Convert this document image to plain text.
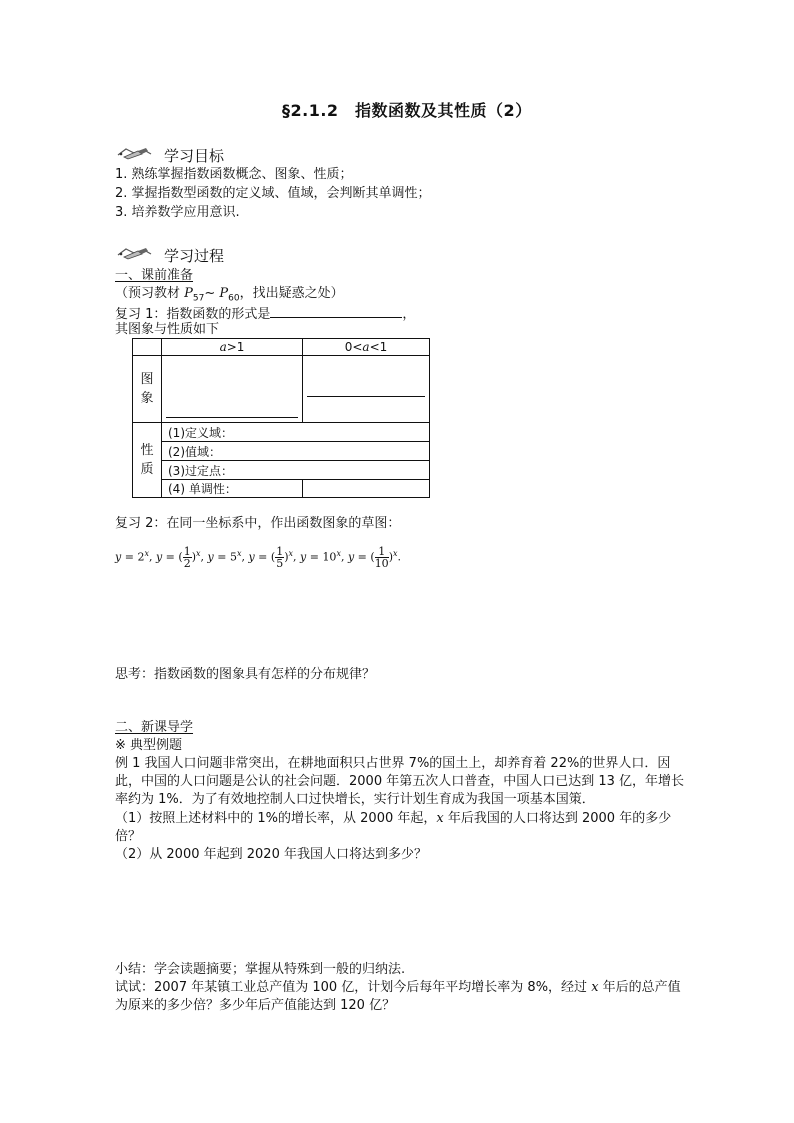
§2.1.2　指数函数及其性质（2）
学习目标
1. 熟练掌握指数函数概念、图象、性质；
2. 掌握指数型函数的定义域、值域，会判断其单调性；
3. 培养数学应用意识.
学习过程
一、课前准备
（预习教材 $P_{57}\sim$ $P_{60}$，找出疑惑之处）
复习 1：指数函数的形式是	，
其图象与性质如下
	a>1	0<a<1

图象		

性质	(1)定义域：	
	(2)值域：	
	(3)过定点：	
	(4) 单调性：	
复习 2：在同一坐标系中，作出函数图象的草图：
$y = 2^x$, y = ( $\frac{1}{2} )^x$, $y = 5^x$, y = ( $\frac{1}{5} )^x$, $y = 10^x$, y = ( $\frac{1}{10} )^x$.
思考：指数函数的图象具有怎样的分布规律？
二、新课导学
※ 典型例题
例 1 我国人口问题非常突出，在耕地面积只占世界 7%的国土上，却养育着 22%的世界人口．因此，中国的人口问题是公认的社会问题．2000 年第五次人口普查，中国人口已达到 13 亿，年增长率约为 1%．为了有效地控制人口过快增长，实行计划生育成为我国一项基本国策．
（1）按照上述材料中的 1%的增长率，从 2000 年起，x 年后我国的人口将达到 2000 年的多少倍？
（2）从 2000 年起到 2020 年我国人口将达到多少？
小结：学会读题摘要；掌握从特殊到一般的归纳法.
试试：2007 年某镇工业总产值为 100 亿，计划今后每年平均增长率为 8%，经过 x 年后的总产值为原来的多少倍？多少年后产值能达到 120 亿？
